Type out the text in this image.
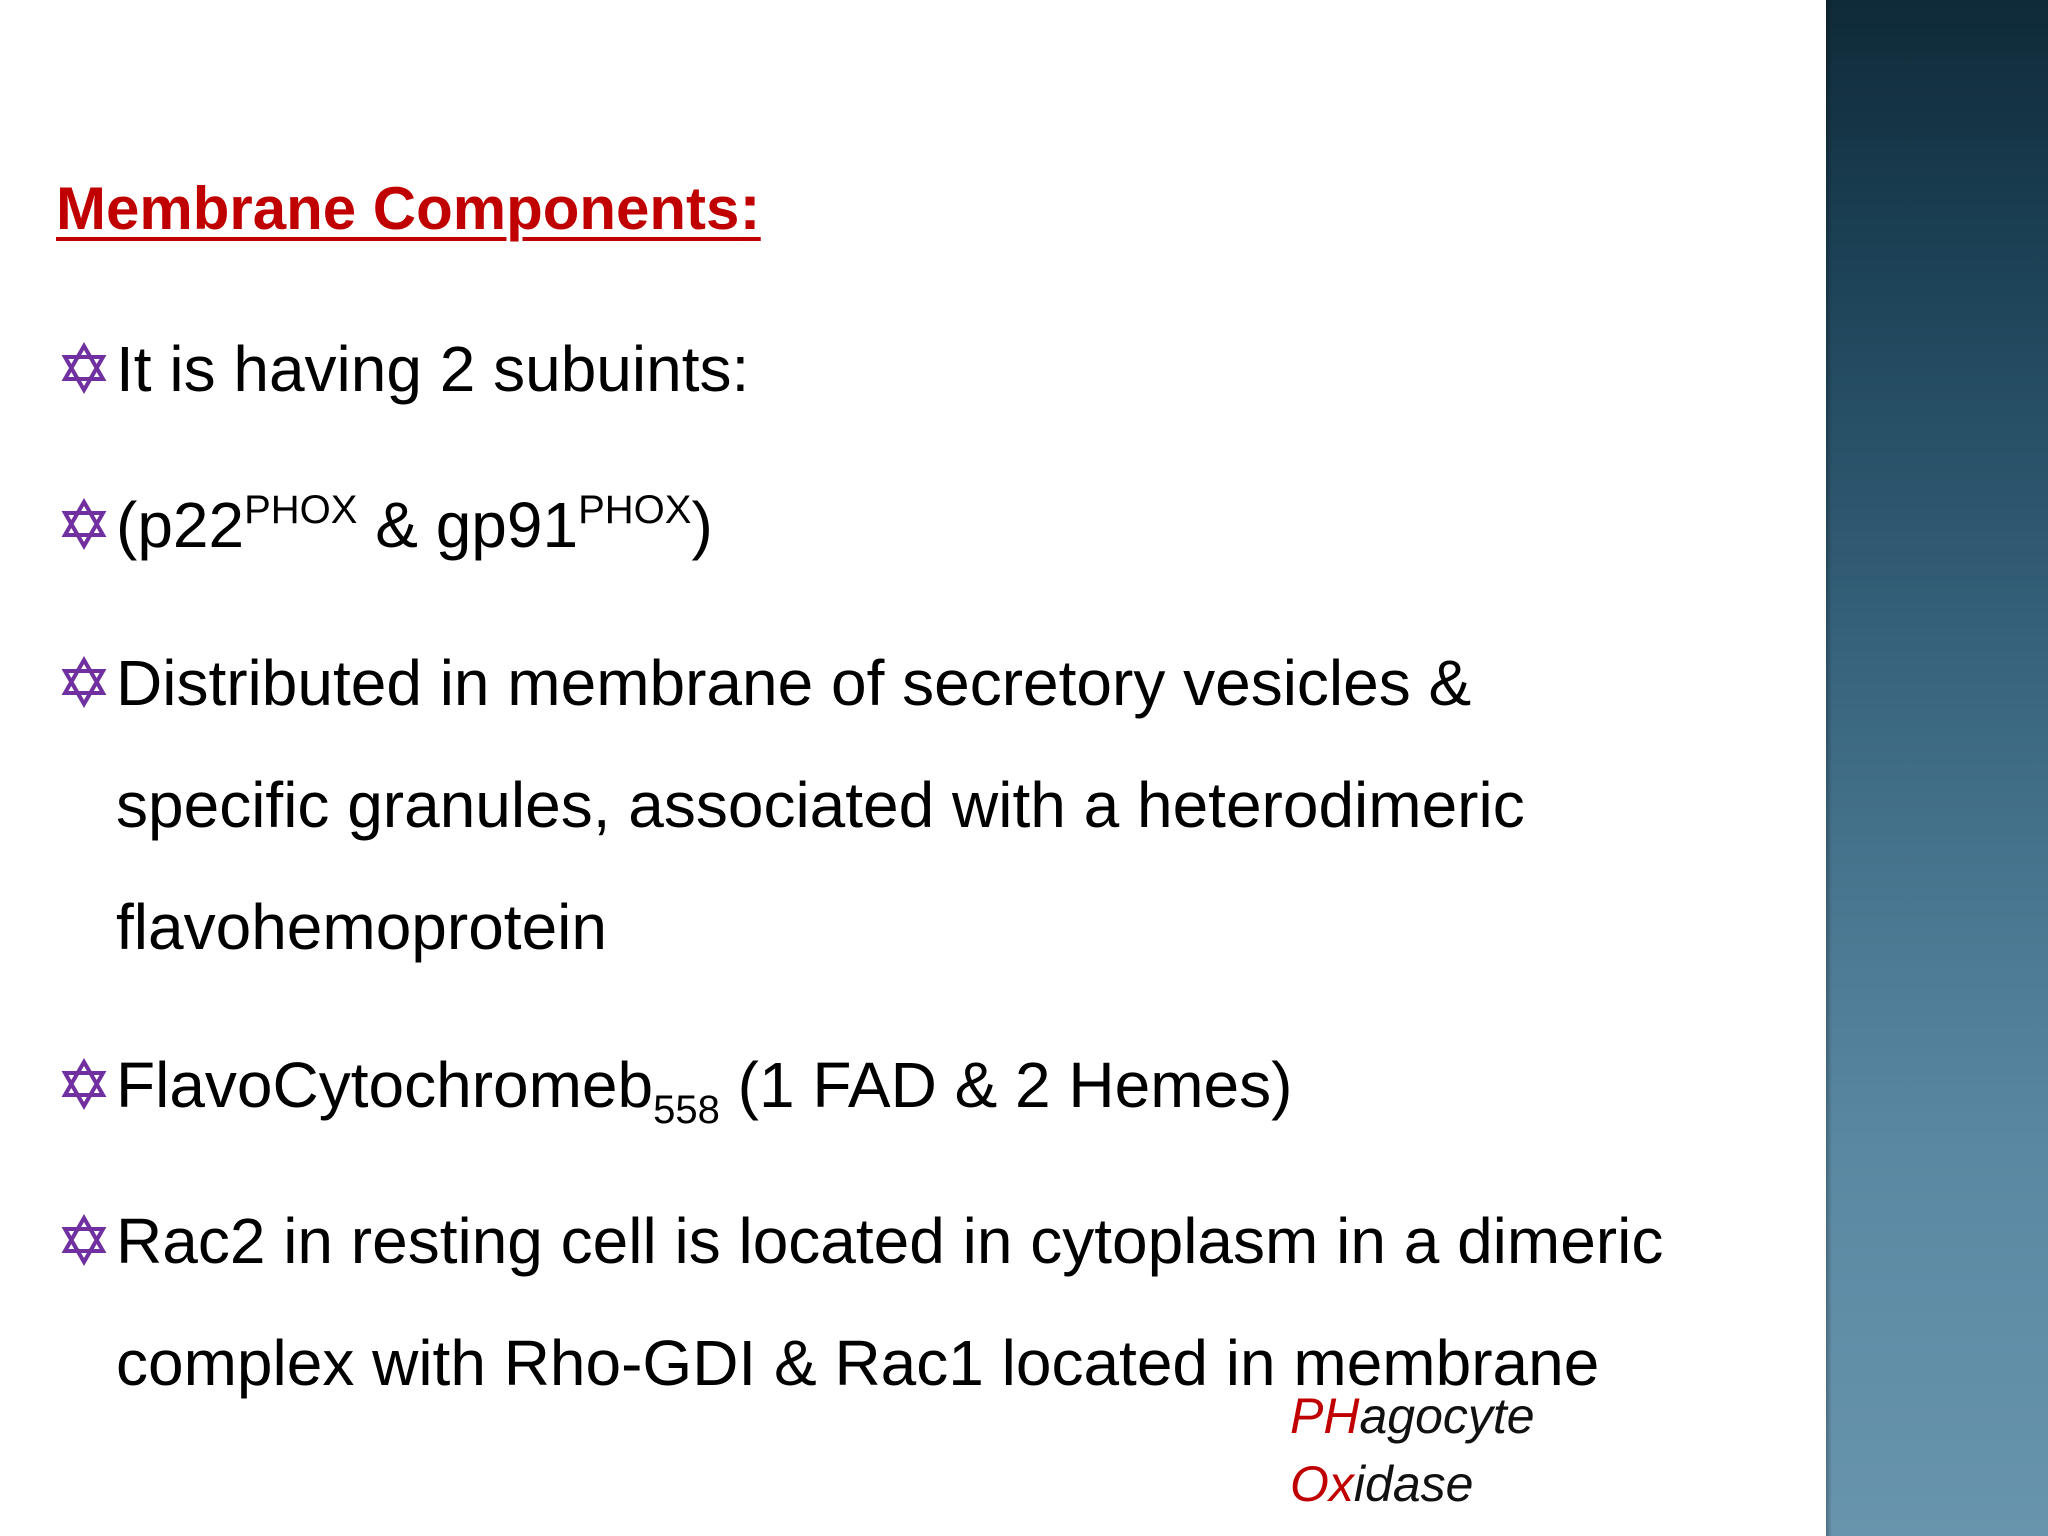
Membrane Components:
It is having 2 subuints:
($p22^{PHOX}$ & $gp91^{PHOX}$)
Distributed in membrane of secretory vesicles &
specific granules, associated with a heterodimeric
flavohemoprotein
FlavoCytochromeb$_{558}$ (1 FAD & 2 Hemes)
Rac2 in resting cell is located in cytoplasm in a dimeric
complex with Rho-GDI & Rac1 located in membrane
PHagocyte
Oxidase
